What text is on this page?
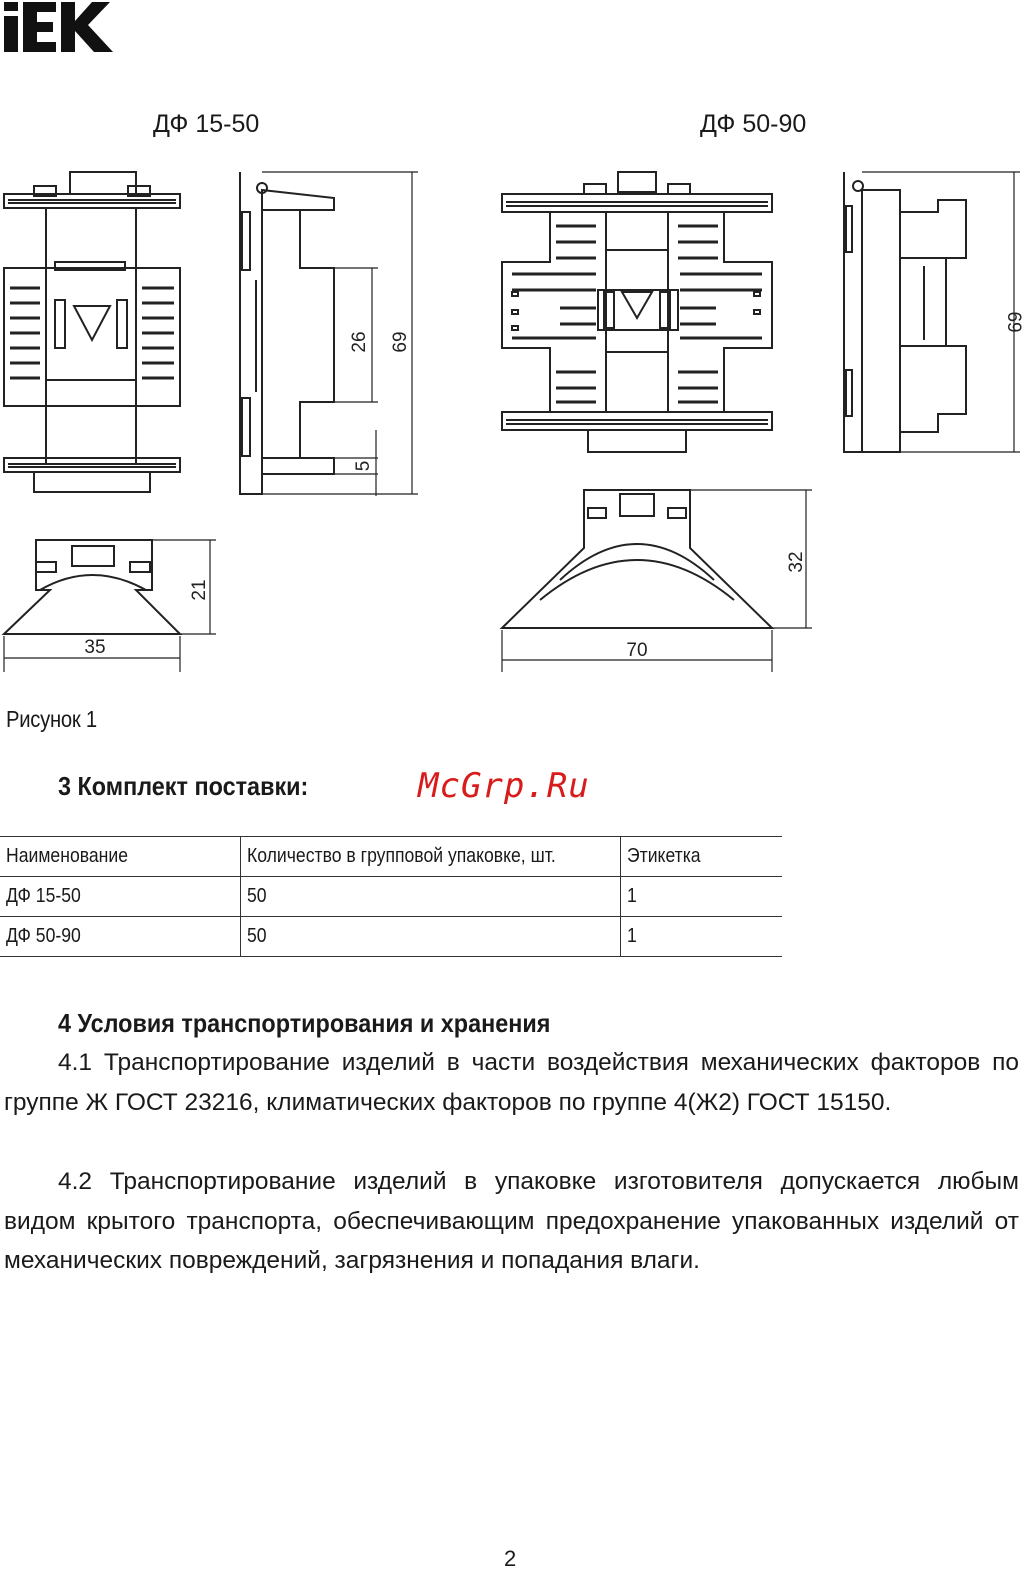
ДФ 15-50	ДФ 50-90
26 69
5
21
35
69
32
70
Рисунок 1
3 Комплект поставки:	McGrp.Ru
Наименование	Количество в групповой упаковке, шт.	Этикетка
ДФ 15-50	50	1
ДФ 50-90	50	1
4 Условия транспортирования и хранения
4.1 Транспортирование изделий в части воздействия механических факторов по группе Ж ГОСТ 23216, климатических факторов по группе 4(Ж2) ГОСТ 15150.
4.2 Транспортирование изделий в упаковке изготовителя допускается любым видом крытого транспорта, обеспечивающим предохранение упакованных изделий от механических повреждений, загрязнения и попадания влаги.
2
